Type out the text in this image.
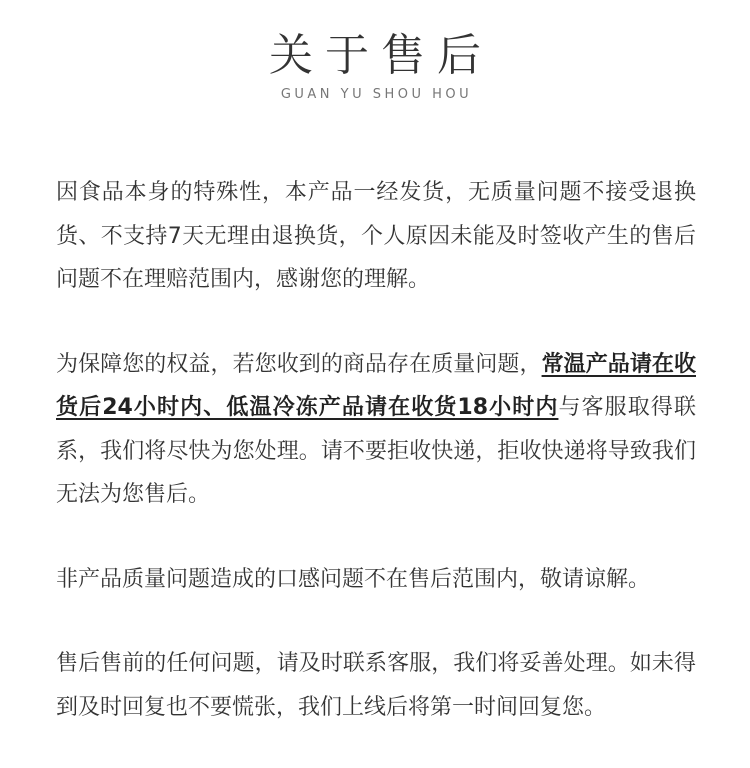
关于售后
GUAN YU SHOU HOU

因食品本身的特殊性，本产品一经发货，无质量问题不接受退换货、不支持7天无理由退换货，个人原因未能及时签收产生的售后问题不在理赔范围内，感谢您的理解。

为保障您的权益，若您收到的商品存在质量问题，常温产品请在收货后24小时内、低温冷冻产品请在收货18小时内与客服取得联系，我们将尽快为您处理。请不要拒收快递，拒收快递将导致我们无法为您售后。

非产品质量问题造成的口感问题不在售后范围内，敬请谅解。

售后售前的任何问题，请及时联系客服，我们将妥善处理。如未得到及时回复也不要慌张，我们上线后将第一时间回复您。
